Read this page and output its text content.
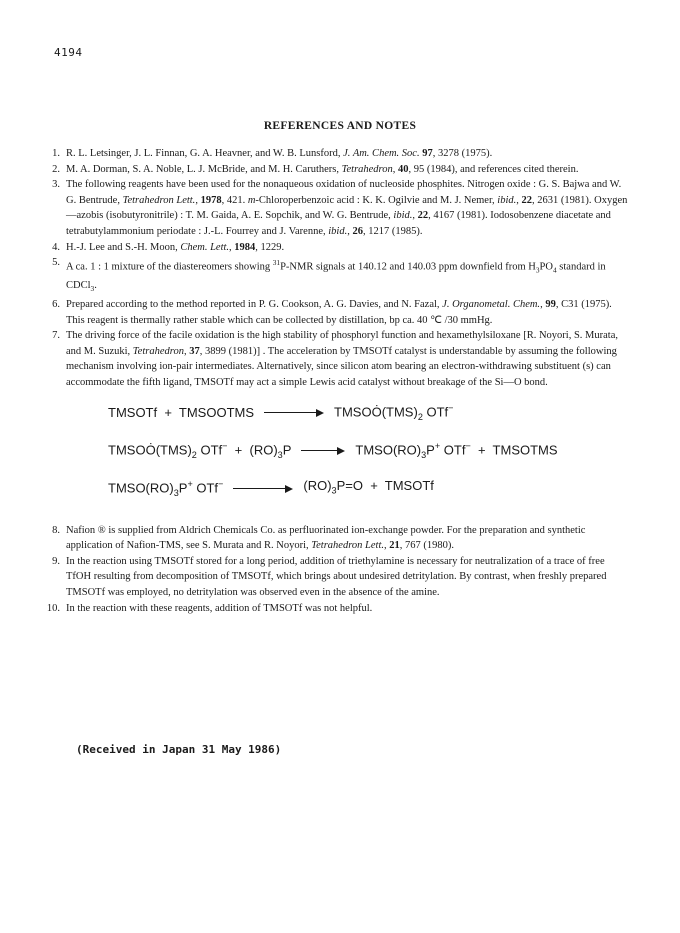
4194
REFERENCES AND NOTES
1. R. L. Letsinger, J. L. Finnan, G. A. Heavner, and W. B. Lunsford, J. Am. Chem. Soc. 97, 3278 (1975).
2. M. A. Dorman, S. A. Noble, L. J. McBride, and M. H. Caruthers, Tetrahedron, 40, 95 (1984), and references cited therein.
3. The following reagents have been used for the nonaqueous oxidation of nucleoside phosphites. Nitrogen oxide : G. S. Bajwa and W. G. Bentrude, Tetrahedron Lett., 1978, 421. m-Chloroperbenzoic acid : K. K. Ogilvie and M. J. Nemer, ibid., 22, 2631 (1981). Oxygen—azobis (isobutyronitrile) : T. M. Gaida, A. E. Sopchik, and W. G. Bentrude, ibid., 22, 4167 (1981). Iodosobenzene diacetate and tetrabutylammonium periodate : J.-L. Fourrey and J. Varenne, ibid., 26, 1217 (1985).
4. H.-J. Lee and S.-H. Moon, Chem. Lett., 1984, 1229.
5. A ca. 1 : 1 mixture of the diastereomers showing $^{31}$P-NMR signals at 140.12 and 140.03 ppm downfield from $H_3PO_4$ standard in CDCl$_3$.
6. Prepared according to the method reported in P. G. Cookson, A. G. Davies, and N. Fazal, J. Organometal. Chem., 99, C31 (1975). This reagent is thermally rather stable which can be collected by distillation, bp ca. 40 ℃ /30 mmHg.
7. The driving force of the facile oxidation is the high stability of phosphoryl function and hexamethylsiloxane [R. Noyori, S. Murata, and M. Suzuki, Tetrahedron, 37, 3899 (1981)] . The acceleration by TMSOTf catalyst is understandable by assuming the following mechanism involving ion-pair intermediates. Alternatively, since silicon atom bearing an electron-withdrawing substituent (s) can accommodate the fifth ligand, TMSOTf may act a simple Lewis acid catalyst without breakage of the Si—O bond.
TMSOTf  +  TMSOOTMS	$TMSOȮ(TMS)_2$ OTf−
$TMSOȮ(TMS)_2$ $OTf^- + (RO)_3P$	$TMSO(RO)_3P^+$ OTf−  +  TMSOTMS
$TMSO(RO)_3P^+$ OTf−	$(RO)_3P=O$  +  TMSOTf
8. Nafion ® is supplied from Aldrich Chemicals Co. as perfluorinated ion-exchange powder. For the preparation and synthetic application of Nafion-TMS, see S. Murata and R. Noyori, Tetrahedron Lett., 21, 767 (1980).
9. In the reaction using TMSOTf stored for a long period, addition of triethylamine is necessary for neutralization of a trace of free TfOH resulting from decomposition of TMSOTf, which brings about undesired detritylation. By contrast, when freshly prepared TMSOTf was employed, no detritylation was observed even in the absence of the amine.
10. In the reaction with these reagents, addition of TMSOTf was not helpful.
(Received in Japan 31 May 1986)
